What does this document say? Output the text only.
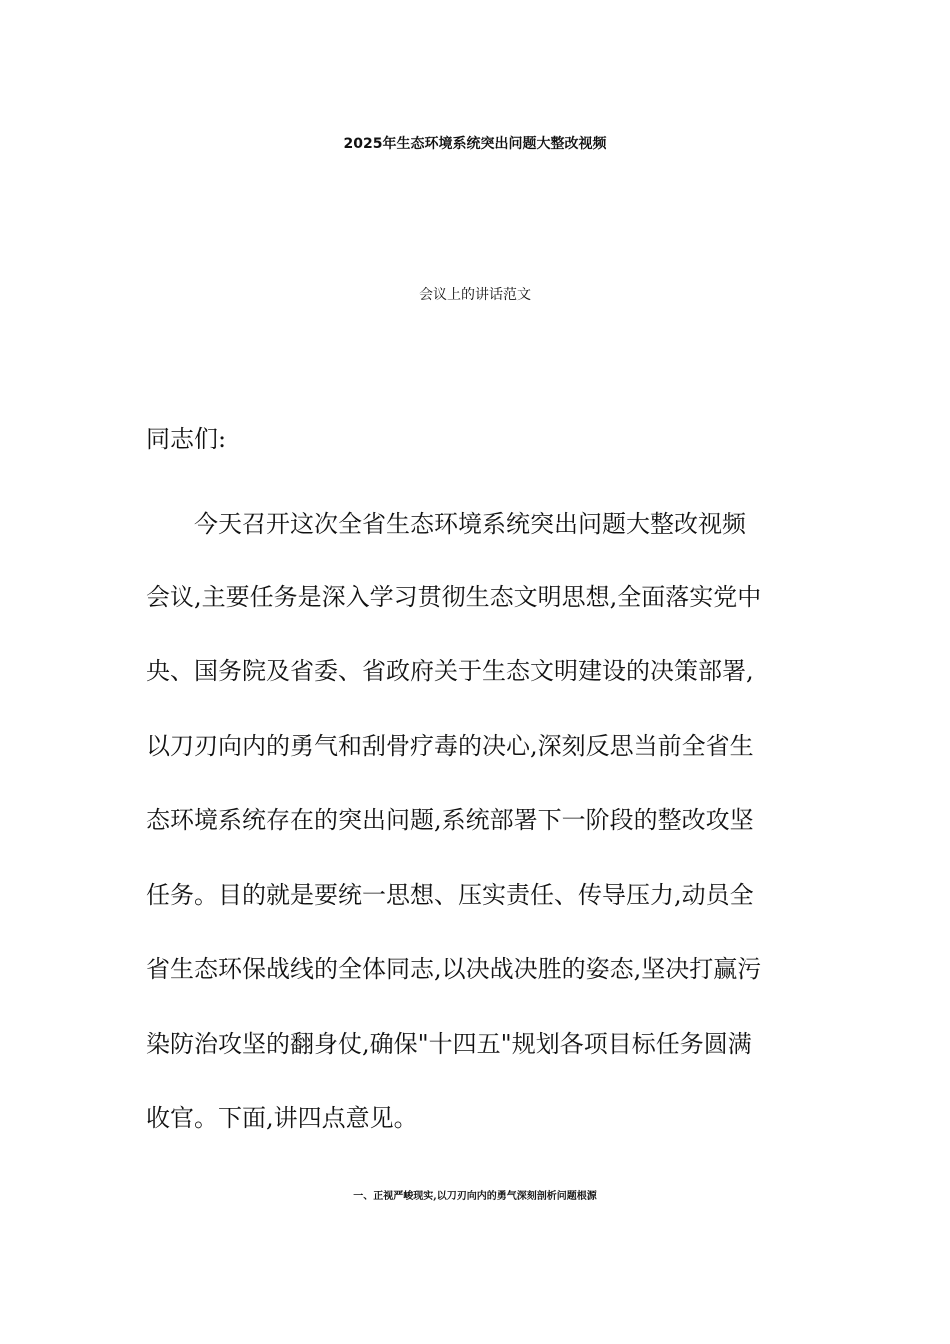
2025年生态环境系统突出问题大整改视频
会议上的讲话范文
同志们:
今天召开这次全省生态环境系统突出问题大整改视频
会议,主要任务是深入学习贯彻生态文明思想,全面落实党中
央、国务院及省委、省政府关于生态文明建设的决策部署,
以刀刃向内的勇气和刮骨疗毒的决心,深刻反思当前全省生
态环境系统存在的突出问题,系统部署下一阶段的整改攻坚
任务。目的就是要统一思想、压实责任、传导压力,动员全
省生态环保战线的全体同志,以决战决胜的姿态,坚决打赢污
染防治攻坚的翻身仗,确保"十四五"规划各项目标任务圆满
收官。下面,讲四点意见。
一、正视严峻现实,以刀刃向内的勇气深刻剖析问题根源
